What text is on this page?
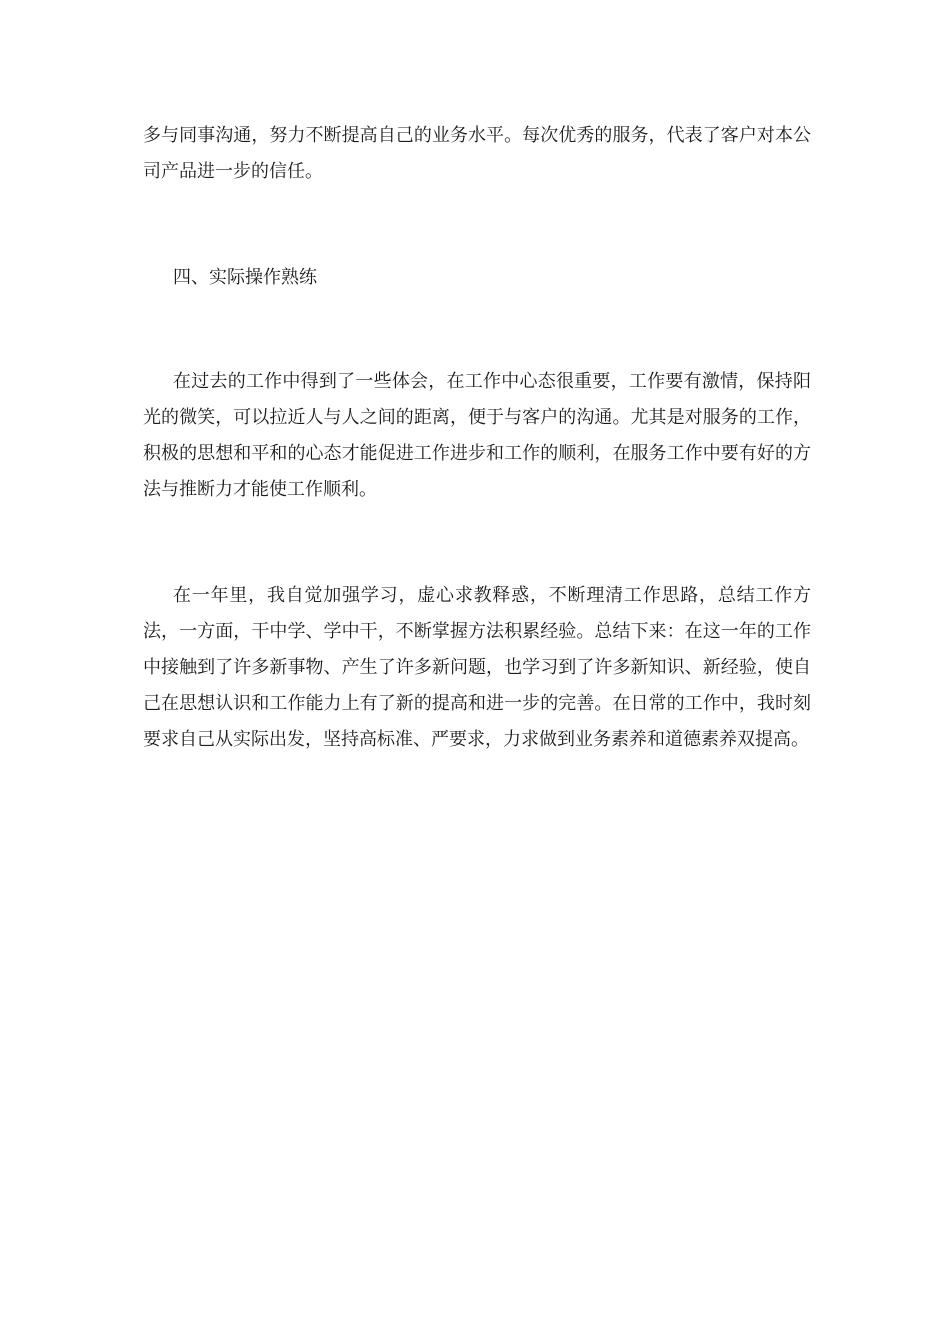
多与同事沟通，努力不断提高自己的业务水平。每次优秀的服务，代表了客户对本公司产品进一步的信任。

四、实际操作熟练

在过去的工作中得到了一些体会，在工作中心态很重要，工作要有激情，保持阳光的微笑，可以拉近人与人之间的距离，便于与客户的沟通。尤其是对服务的工作，积极的思想和平和的心态才能促进工作进步和工作的顺利，在服务工作中要有好的方法与推断力才能使工作顺利。

在一年里，我自觉加强学习，虚心求教释惑，不断理清工作思路，总结工作方法，一方面，干中学、学中干，不断掌握方法积累经验。总结下来：在这一年的工作中接触到了许多新事物、产生了许多新问题，也学习到了许多新知识、新经验，使自己在思想认识和工作能力上有了新的提高和进一步的完善。在日常的工作中，我时刻要求自己从实际出发，坚持高标准、严要求，力求做到业务素养和道德素养双提高。
